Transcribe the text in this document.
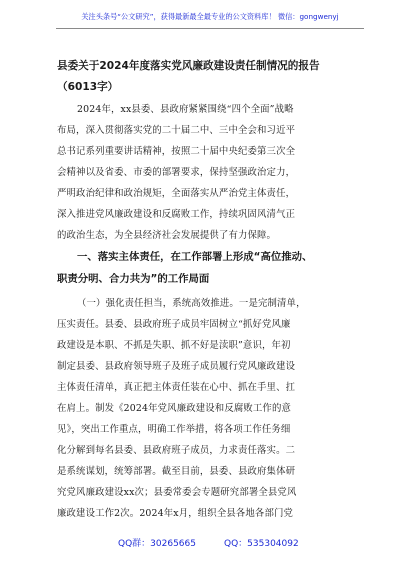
关注头条号“公文研究”，获得最新最全最专业的公文资料库！ 微信：gongwenyj
县委关于2024年度落实党风廉政建设责任制情况的报告
（6013字）
2024年，xx县委、县政府紧紧围绕“四个全面”战略
布局，深入贯彻落实党的二十届二中、三中全会和习近平
总书记系列重要讲话精神，按照二十届中央纪委第三次全
会精神以及省委、市委的部署要求，保持坚强政治定力，
严明政治纪律和政治规矩，全面落实从严治党主体责任，
深入推进党风廉政建设和反腐败工作，持续巩固风清气正
的政治生态，为全县经济社会发展提供了有力保障。
一、落实主体责任，在工作部署上形成“高位推动、
职责分明、合力共为”的工作局面
（一）强化责任担当，系统高效推进。一是完制清单，
压实责任。县委、县政府班子成员牢固树立“抓好党风廉
政建设是本职、不抓是失职、抓不好是渎职”意识，年初
制定县委、县政府领导班子及班子成员履行党风廉政建设
主体责任清单，真正把主体责任装在心中、抓在手里、扛
在肩上。制发《2024年党风廉政建设和反腐败工作的意
见》，突出工作重点，明确工作举措，将各项工作任务细
化分解到每名县委、县政府班子成员，力求责任落实。二
是系统谋划，统筹部署。截至目前，县委、县政府集体研
究党风廉政建设xx次；县委常委会专题研究部署全县党风
廉政建设工作2次。2024年x月，组织全县各地各部门党
QQ群：30265665	QQ：535304092
